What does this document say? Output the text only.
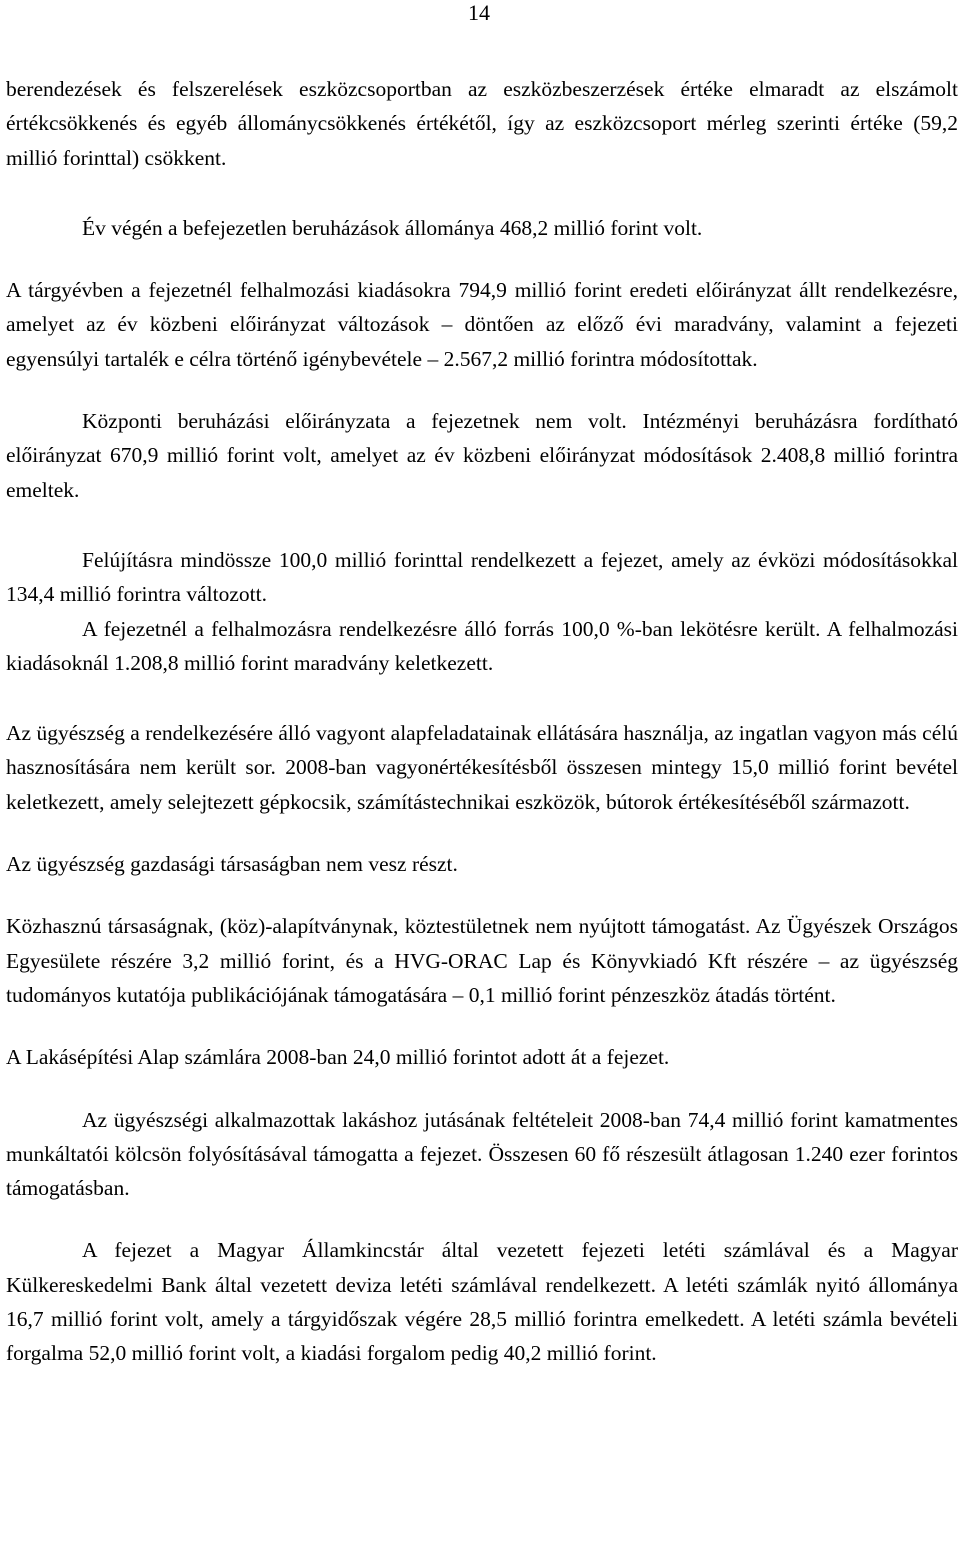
14

berendezések és felszerelések eszközcsoportban az eszközbeszerzések értéke elmaradt az elszámolt értékcsökkenés és egyéb állománycsökkenés értékétől, így az eszközcsoport mérleg szerinti értéke (59,2 millió forinttal) csökkent.

Év végén a befejezetlen beruházások állománya 468,2 millió forint volt.

A tárgyévben a fejezetnél felhalmozási kiadásokra 794,9 millió forint eredeti előirányzat állt rendelkezésre, amelyet az év közbeni előirányzat változások – döntően az előző évi maradvány, valamint a fejezeti egyensúlyi tartalék e célra történő igénybevétele – 2.567,2 millió forintra módosítottak.

Központi beruházási előirányzata a fejezetnek nem volt. Intézményi beruházásra fordítható előirányzat 670,9 millió forint volt, amelyet az év közbeni előirányzat módosítások 2.408,8 millió forintra emeltek.

Felújításra mindössze 100,0 millió forinttal rendelkezett a fejezet, amely az évközi módosításokkal 134,4 millió forintra változott.

A fejezetnél a felhalmozásra rendelkezésre álló forrás 100,0 %-ban lekötésre került. A felhalmozási kiadásoknál 1.208,8 millió forint maradvány keletkezett.

Az ügyészség a rendelkezésére álló vagyont alapfeladatainak ellátására használja, az ingatlan vagyon más célú hasznosítására nem került sor. 2008-ban vagyonértékesítésből összesen mintegy 15,0 millió forint bevétel keletkezett, amely selejtezett gépkocsik, számítástechnikai eszközök, bútorok értékesítéséből származott.

Az ügyészség gazdasági társaságban nem vesz részt.

Közhasznú társaságnak, (köz)-alapítványnak, köztestületnek nem nyújtott támogatást. Az Ügyészek Országos Egyesülete részére 3,2 millió forint, és a HVG-ORAC Lap és Könyvkiadó Kft részére – az ügyészség tudományos kutatója publikációjának támogatására – 0,1 millió forint pénzeszköz átadás történt.

A Lakásépítési Alap számlára 2008-ban 24,0 millió forintot adott át a fejezet.

Az ügyészségi alkalmazottak lakáshoz jutásának feltételeit 2008-ban 74,4 millió forint kamatmentes munkáltatói kölcsön folyósításával támogatta a fejezet. Összesen 60 fő részesült átlagosan 1.240 ezer forintos támogatásban.

A fejezet a Magyar Államkincstár által vezetett fejezeti letéti számlával és a Magyar Külkereskedelmi Bank által vezetett deviza letéti számlával rendelkezett. A letéti számlák nyitó állománya 16,7 millió forint volt, amely a tárgyidőszak végére 28,5 millió forintra emelkedett. A letéti számla bevételi forgalma 52,0 millió forint volt, a kiadási forgalom pedig 40,2 millió forint.
